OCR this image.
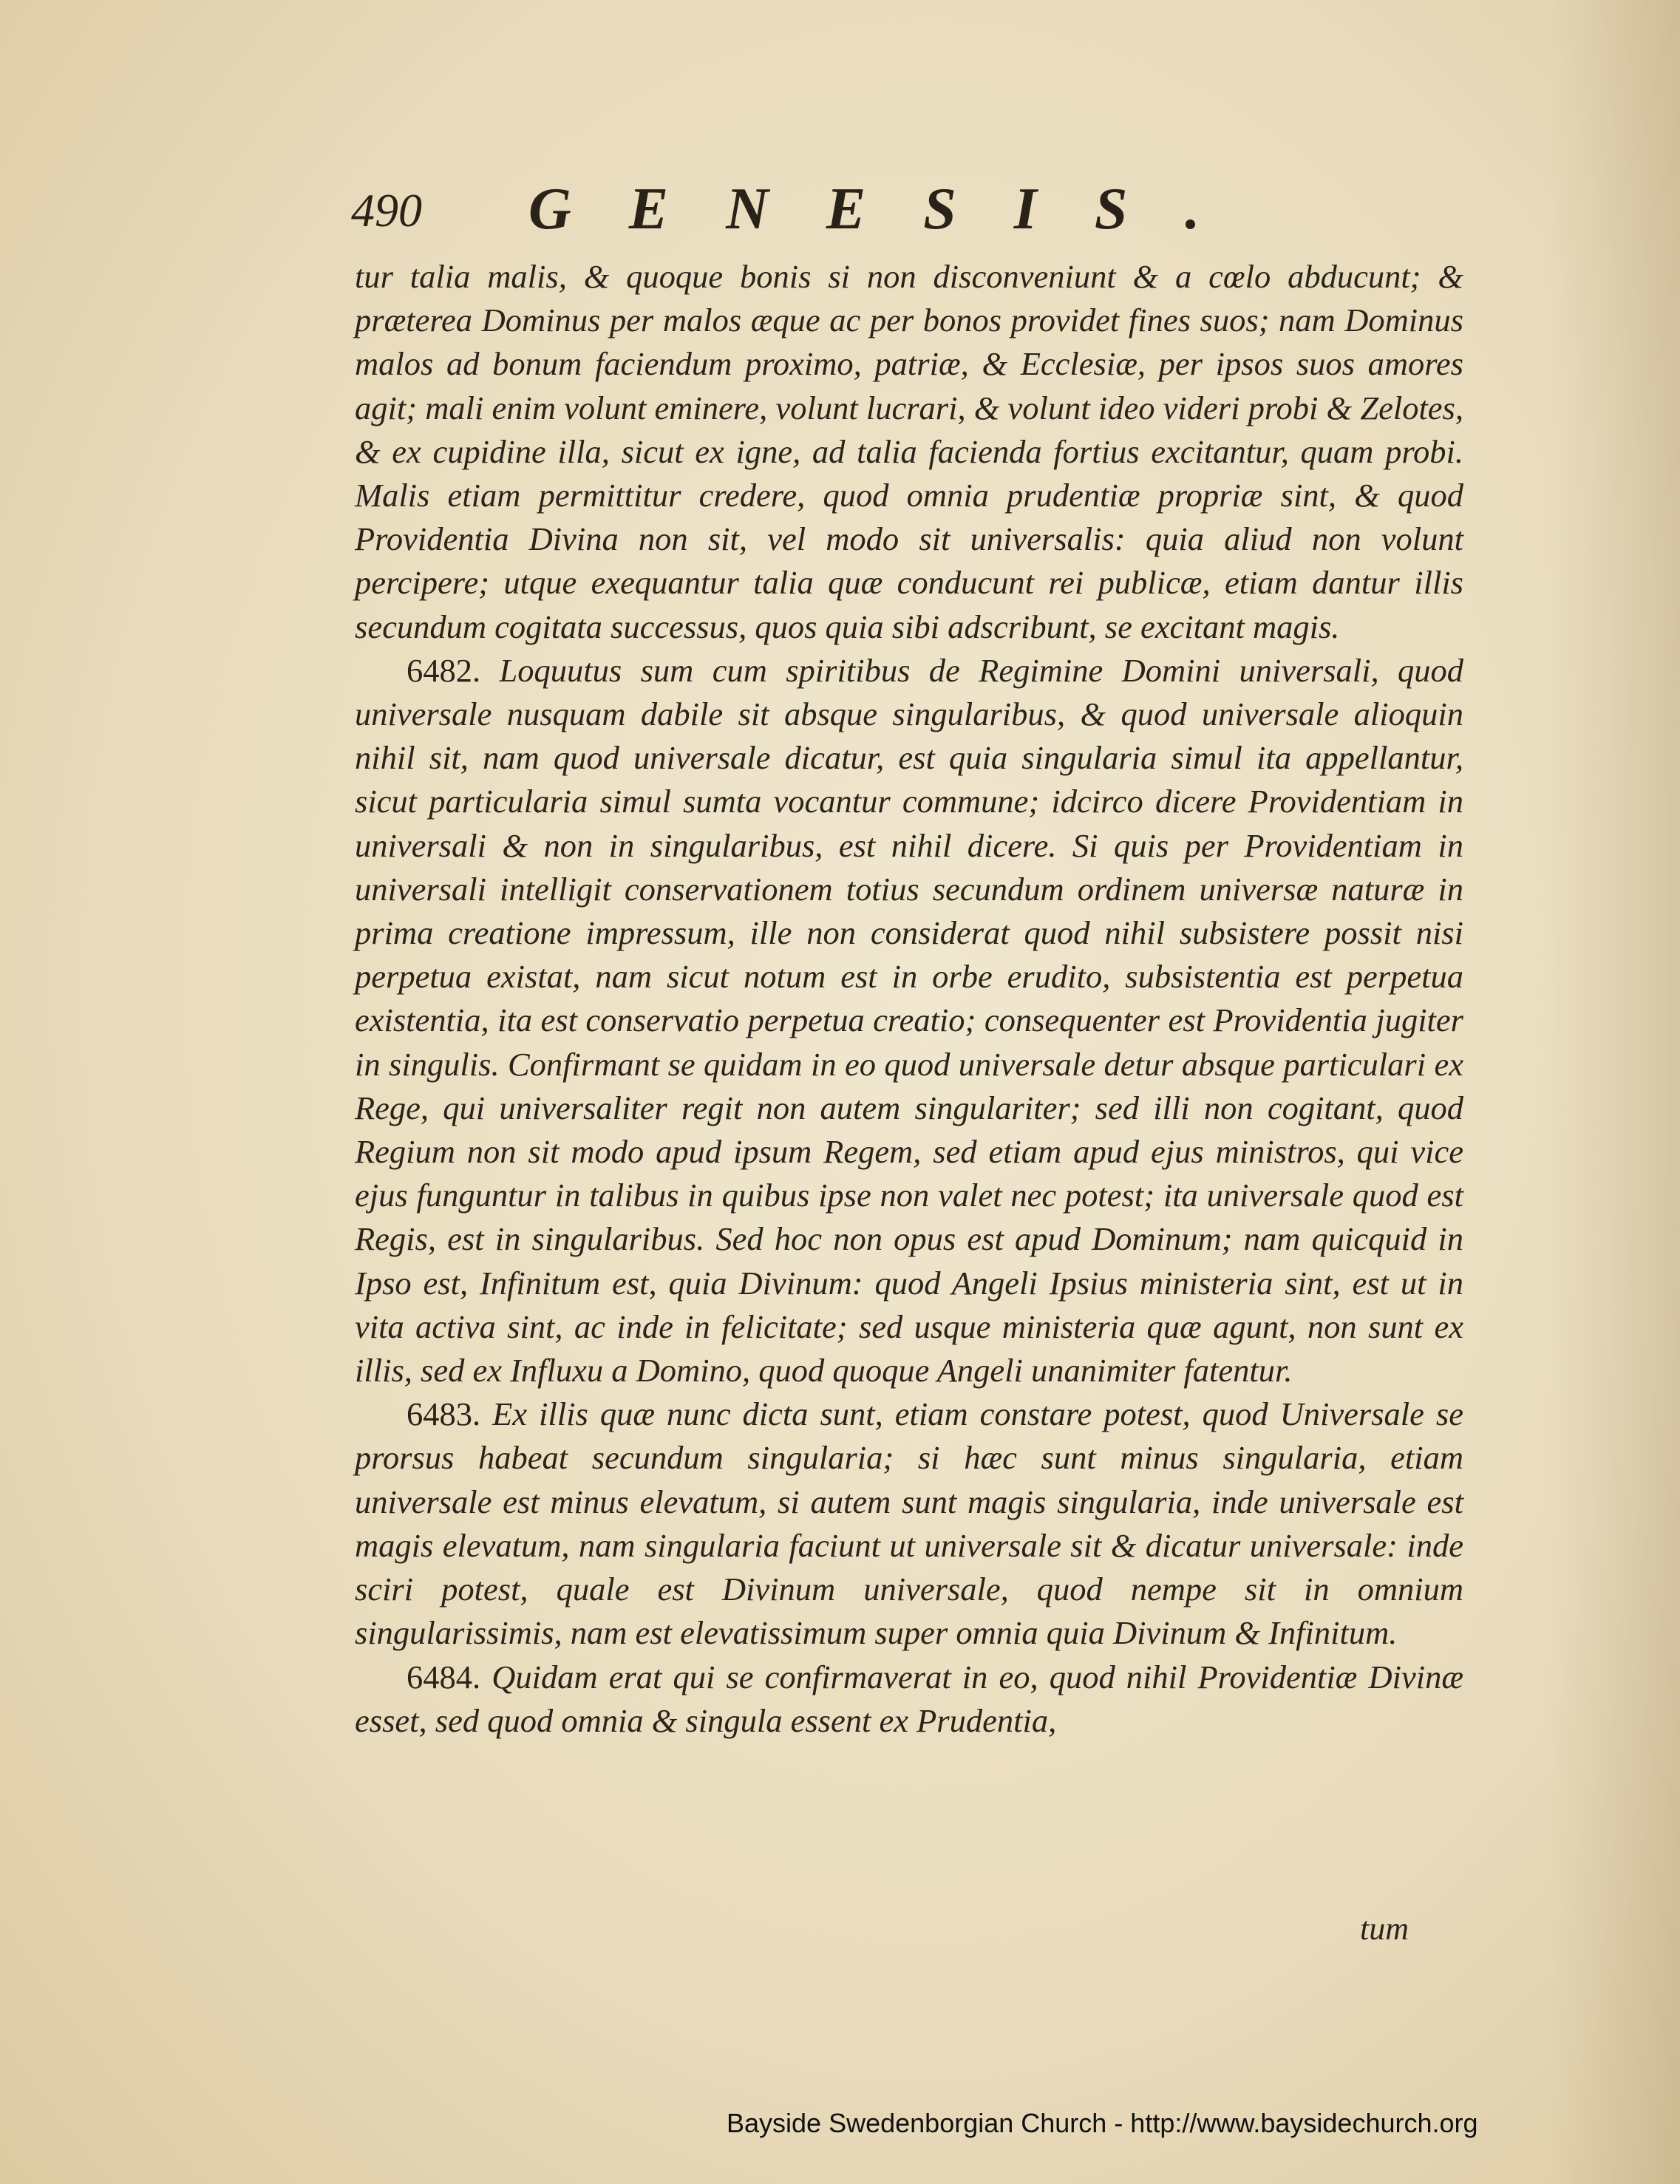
490 GENESIS.

tur talia malis, & quoque bonis si non disconveniunt & a cœlo abducunt; & præterea Dominus per malos æque ac per bonos providet fines suos; nam Dominus malos ad bonum faciendum proximo, patriæ, & Ecclesiæ, per ipsos suos amores agit; mali enim volunt eminere, volunt lucrari, & volunt ideo videri probi & Zelotes, & ex cupidine illa, sicut ex igne, ad talia facienda fortius excitantur, quam probi. Malis etiam permittitur credere, quod omnia prudentiæ propriæ sint, & quod Providentia Divina non sit, vel modo sit universalis: quia aliud non volunt percipere; utque exequantur talia quæ conducunt rei publicæ, etiam dantur illis secundum cogitata successus, quos quia sibi adscribunt, se excitant magis.

6482. Loquutus sum cum spiritibus de Regimine Domini universali, quod universale nusquam dabile sit absque singularibus, & quod universale alioquin nihil sit, nam quod universale dicatur, est quia singularia simul ita appellantur, sicut particularia simul sumta vocantur commune; idcirco dicere Providentiam in universali & non in singularibus, est nihil dicere. Si quis per Providentiam in universali intelligit conservationem totius secundum ordinem universæ naturæ in prima creatione impressum, ille non considerat quod nihil subsistere possit nisi perpetua existat, nam sicut notum est in orbe erudito, subsistentia est perpetua existentia, ita est conservatio perpetua creatio; consequenter est Providentia jugiter in singulis. Confirmant se quidam in eo quod universale detur absque particulari ex Rege, qui universaliter regit non autem singulariter; sed illi non cogitant, quod Regium non sit modo apud ipsum Regem, sed etiam apud ejus ministros, qui vice ejus funguntur in talibus in quibus ipse non valet nec potest; ita universale quod est Regis, est in singularibus. Sed hoc non opus est apud Dominum; nam quicquid in Ipso est, Infinitum est, quia Divinum: quod Angeli Ipsius ministeria sint, est ut in vita activa sint, ac inde in felicitate; sed usque ministeria quæ agunt, non sunt ex illis, sed ex Influxu a Domino, quod quoque Angeli unanimiter fatentur.

6483. Ex illis quæ nunc dicta sunt, etiam constare potest, quod Universale se prorsus habeat secundum singularia; si hæc sunt minus singularia, etiam universale est minus elevatum, si autem sunt magis singularia, inde universale est magis elevatum, nam singularia faciunt ut universale sit & dicatur universale: inde sciri potest, quale est Divinum universale, quod nempe sit in omnium singularissimis, nam est elevatissimum super omnia quia Divinum & Infinitum.

6484. Quidam erat qui se confirmaverat in eo, quod nihil Providentiæ Divinæ esset, sed quod omnia & singula essent ex Prudentia,

tum
Bayside Swedenborgian Church - http://www.baysidechurch.org
